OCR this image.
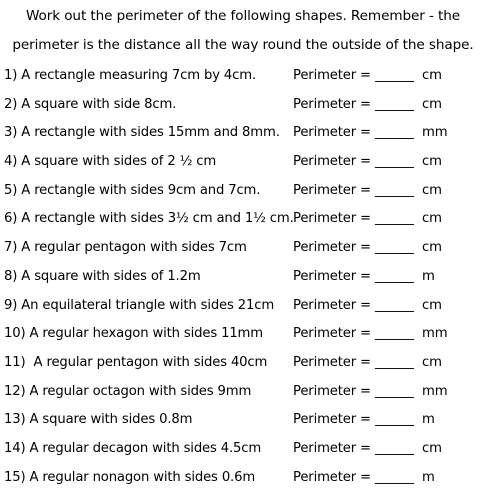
Work out the perimeter of the following shapes. Remember - the
perimeter is the distance all the way round the outside of the shape.
1) A rectangle measuring 7cm by 4cm.	Perimeter = ______ cm
2) A square with side 8cm.	Perimeter = ______ cm
3) A rectangle with sides 15mm and 8mm. Perimeter = ______ mm
4) A square with sides of 2 ½ cm	Perimeter = ______ cm
5) A rectangle with sides 9cm and 7cm. Perimeter = ______ cm
6) A rectangle with sides 3½ cm and 1½ cm. Perimeter = ______ cm
7) A regular pentagon with sides 7cm	Perimeter = ______ cm
8) A square with sides of 1.2m	Perimeter = ______ m
9) An equilateral triangle with sides 21cm Perimeter = ______ cm
10) A regular hexagon with sides 11mm Perimeter = ______ mm
11)  A regular pentagon with sides 40cm Perimeter = ______ cm
12) A regular octagon with sides 9mm	Perimeter = ______ mm
13) A square with sides 0.8m	Perimeter = ______ m
14) A regular decagon with sides 4.5cm Perimeter = ______ cm
15) A regular nonagon with sides 0.6m	Perimeter = ______ m
